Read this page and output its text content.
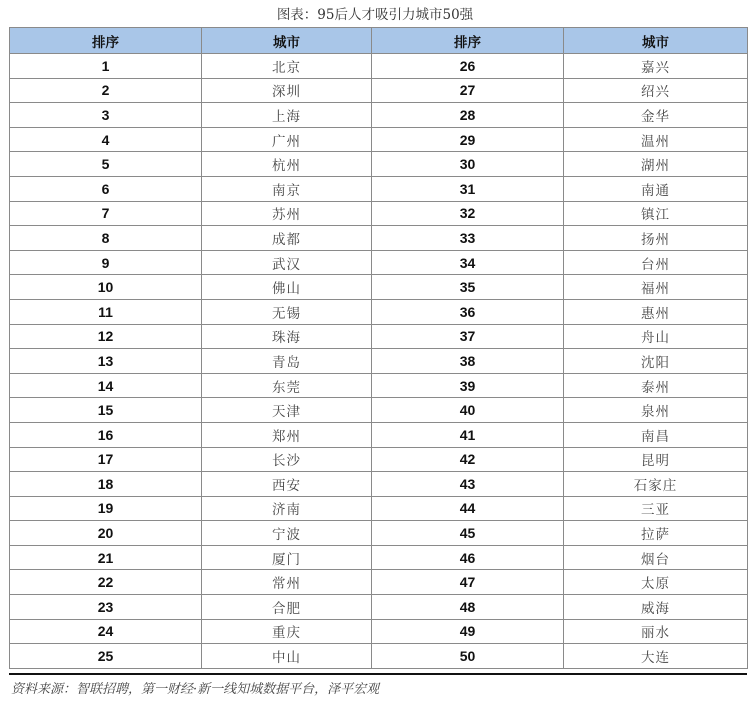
图表：95后人才吸引力城市50强
排序	城市	排序	城市
1	北京	26	嘉兴
2	深圳	27	绍兴
3	上海	28	金华
4	广州	29	温州
5	杭州	30	湖州
6	南京	31	南通
7	苏州	32	镇江
8	成都	33	扬州
9	武汉	34	台州
10	佛山	35	福州
11	无锡	36	惠州
12	珠海	37	舟山
13	青岛	38	沈阳
14	东莞	39	泰州
15	天津	40	泉州
16	郑州	41	南昌
17	长沙	42	昆明
18	西安	43	石家庄
19	济南	44	三亚
20	宁波	45	拉萨
21	厦门	46	烟台
22	常州	47	太原
23	合肥	48	威海
24	重庆	49	丽水
25	中山	50	大连
资料来源：智联招聘，第一财经·新一线知城数据平台，泽平宏观
